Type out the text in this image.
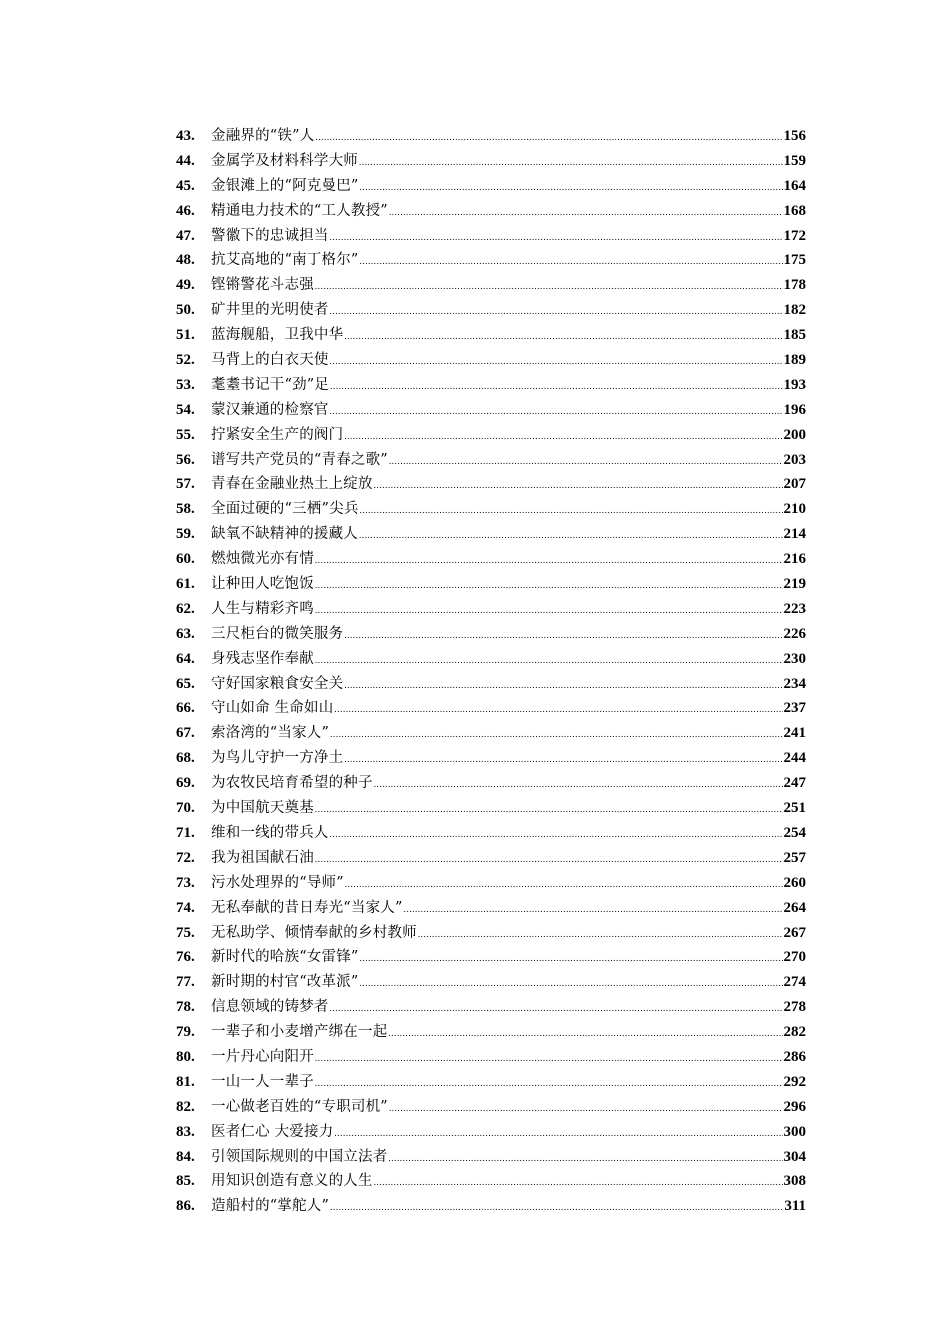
43.	金融界的“铁”人 .....	156
44.	金属学及材料科学大师 .....	159
45.	金银滩上的“阿克曼巴” .....	164
46.	精通电力技术的“工人教授” .....	168
47.	警徽下的忠诚担当 .....	172
48.	抗艾高地的“南丁格尔” .....	175
49.	铿锵警花斗志强 .....	178
50.	矿井里的光明使者 .....	182
51.	蓝海舰船，卫我中华 .....	185
52.	马背上的白衣天使 .....	189
53.	耄耋书记干“劲”足 .....	193
54.	蒙汉兼通的检察官 .....	196
55.	拧紧安全生产的阀门 .....	200
56.	谱写共产党员的“青春之歌” .....	203
57.	青春在金融业热土上绽放 .....	207
58.	全面过硬的“三栖”尖兵 .....	210
59.	缺氧不缺精神的援藏人 .....	214
60.	燃烛微光亦有情 .....	216
61.	让种田人吃饱饭 .....	219
62.	人生与精彩齐鸣 .....	223
63.	三尺柜台的微笑服务 .....	226
64.	身残志坚作奉献 .....	230
65.	守好国家粮食安全关 .....	234
66.	守山如命 生命如山 .....	237
67.	索洛湾的“当家人” .....	241
68.	为鸟儿守护一方净土 .....	244
69.	为农牧民培育希望的种子 .....	247
70.	为中国航天奠基 .....	251
71.	维和一线的带兵人 .....	254
72.	我为祖国献石油 .....	257
73.	污水处理界的“导师” .....	260
74.	无私奉献的昔日寿光“当家人” .....	264
75.	无私助学、倾情奉献的乡村教师 .....	267
76.	新时代的哈族“女雷锋” .....	270
77.	新时期的村官“改革派” .....	274
78.	信息领域的铸梦者 .....	278
79.	一辈子和小麦增产绑在一起 .....	282
80.	一片丹心向阳开 .....	286
81.	一山一人一辈子 .....	292
82.	一心做老百姓的“专职司机” .....	296
83.	医者仁心 大爱接力 .....	300
84.	引领国际规则的中国立法者 .....	304
85.	用知识创造有意义的人生 .....	308
86.	造船村的“掌舵人” .....	311
